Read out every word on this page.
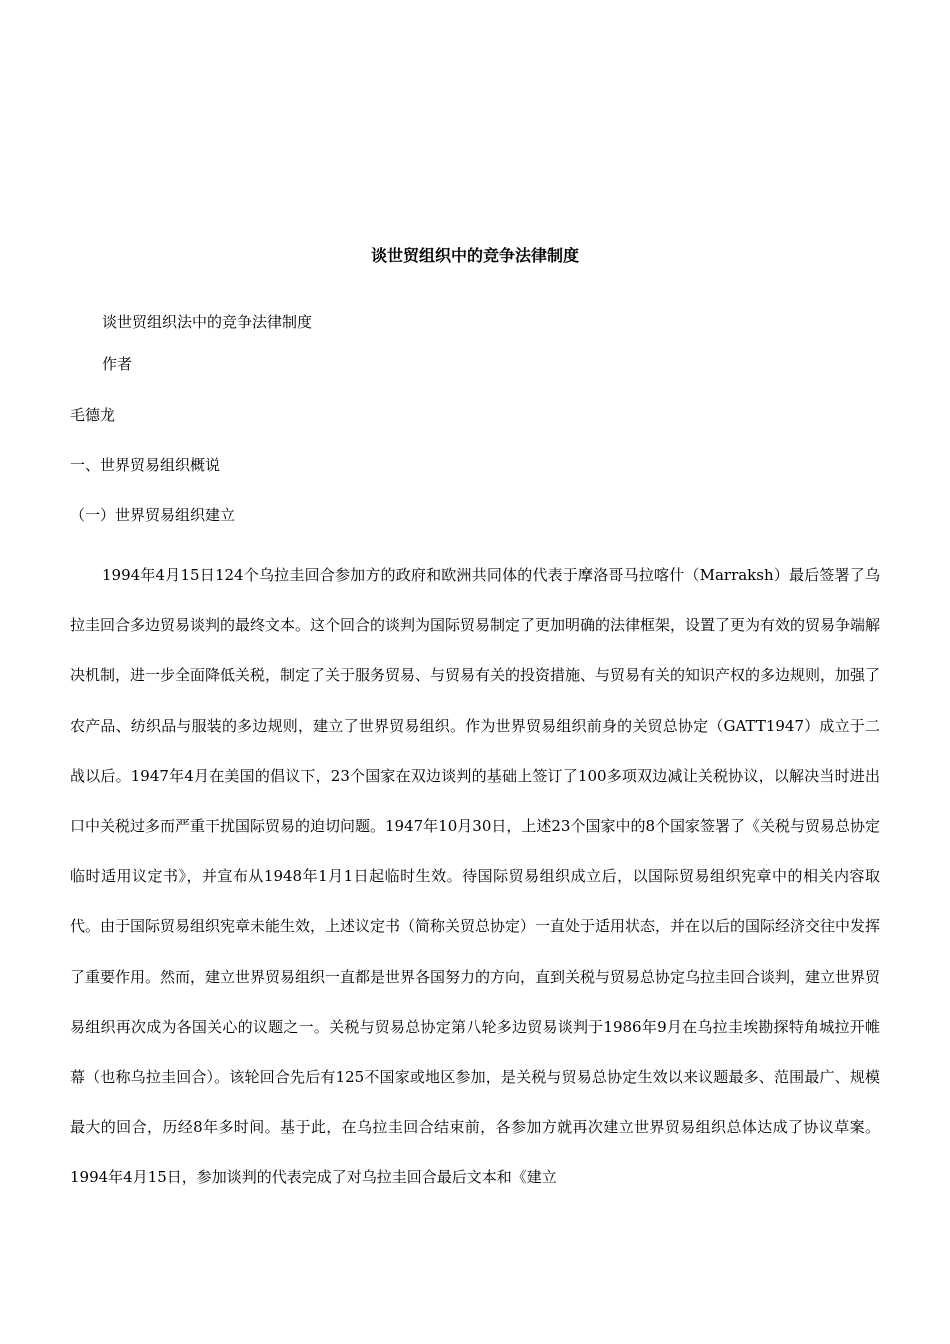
谈世贸组织中的竞争法律制度
谈世贸组织法中的竞争法律制度
作者
毛德龙
一、世界贸易组织概说
（一）世界贸易组织建立

1994年4月15日124个乌拉圭回合参加方的政府和欧洲共同体的代表于摩洛哥马拉喀什（Marraksh）最后签署了乌拉圭回合多边贸易谈判的最终文本。这个回合的谈判为国际贸易制定了更加明确的法律框架，设置了更为有效的贸易争端解决机制，进一步全面降低关税，制定了关于服务贸易、与贸易有关的投资措施、与贸易有关的知识产权的多边规则，加强了农产品、纺织品与服装的多边规则，建立了世界贸易组织。作为世界贸易组织前身的关贸总协定（GATT1947）成立于二战以后。1947年4月在美国的倡议下，23个国家在双边谈判的基础上签订了100多项双边减让关税协议，以解决当时进出口中关税过多而严重干扰国际贸易的迫切问题。1947年10月30日，上述23个国家中的8个国家签署了《关税与贸易总协定临时适用议定书》，并宣布从1948年1月1日起临时生效。待国际贸易组织成立后，以国际贸易组织宪章中的相关内容取代。由于国际贸易组织宪章未能生效，上述议定书（简称关贸总协定）一直处于适用状态，并在以后的国际经济交往中发挥了重要作用。然而，建立世界贸易组织一直都是世界各国努力的方向，直到关税与贸易总协定乌拉圭回合谈判，建立世界贸易组织再次成为各国关心的议题之一。关税与贸易总协定第八轮多边贸易谈判于1986年9月在乌拉圭埃勘探特角城拉开帷幕（也称乌拉圭回合）。该轮回合先后有125不国家或地区参加，是关税与贸易总协定生效以来议题最多、范围最广、规模最大的回合，历经8年多时间。基于此，在乌拉圭回合结束前，各参加方就再次建立世界贸易组织总体达成了协议草案。1994年4月15日，参加谈判的代表完成了对乌拉圭回合最后文本和《建立
